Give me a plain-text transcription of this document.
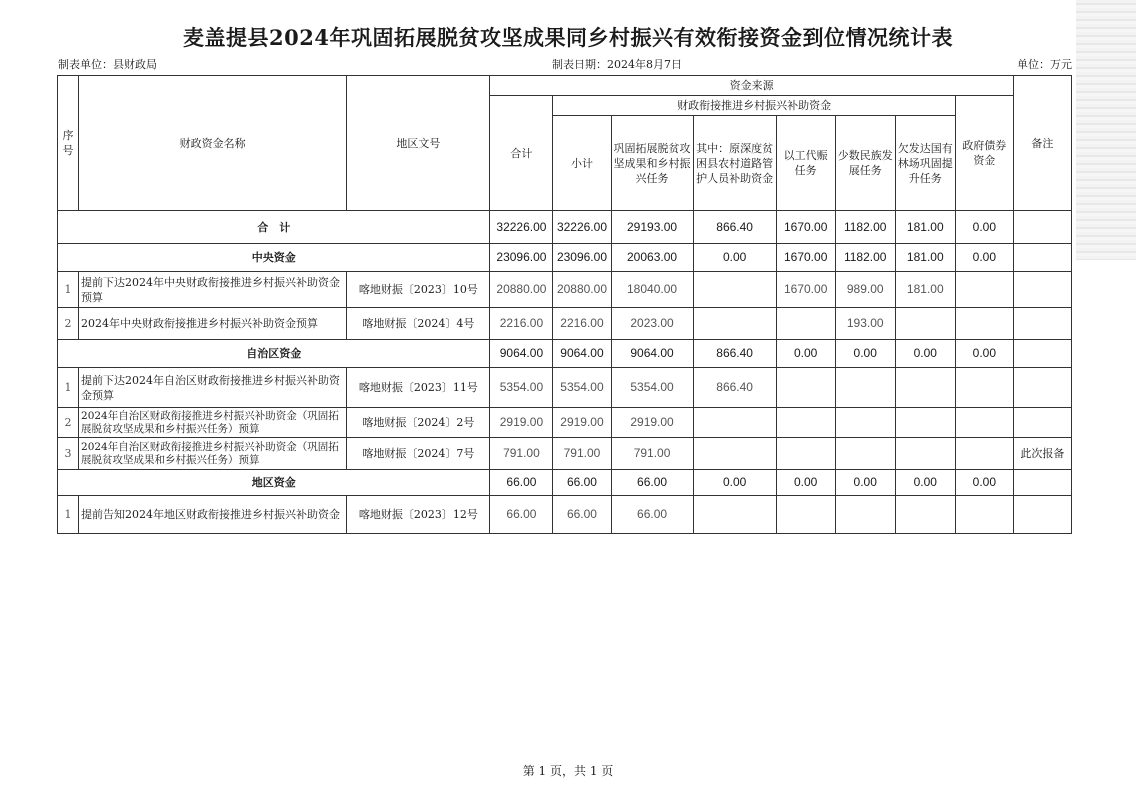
麦盖提县2024年巩固拓展脱贫攻坚成果同乡村振兴有效衔接资金到位情况统计表
制表单位：县财政局	制表日期：2024年8月7日	单位：万元
序号	财政资金名称	地区文号	资金来源								备注
			合计	财政衔接推进乡村振兴补助资金						政府债券资金	
				小计	巩固拓展脱贫攻坚成果和乡村振兴任务	其中：原深度贫困县农村道路管护人员补助资金	以工代赈任务	少数民族发展任务	欠发达国有林场巩固提升任务		

合　计			32226.00	32226.00	29193.00	866.40	1670.00	1182.00	181.00	0.00	
中央资金			23096.00	23096.00	20063.00	0.00	1670.00	1182.00	181.00	0.00	
1	提前下达2024年中央财政衔接推进乡村振兴补助资金预算	喀地财振〔2023〕10号	20880.00	20880.00	18040.00		1670.00	989.00	181.00		
2	2024年中央财政衔接推进乡村振兴补助资金预算	喀地财振〔2024〕4号	2216.00	2216.00	2023.00			193.00			
自治区资金			9064.00	9064.00	9064.00	866.40	0.00	0.00	0.00	0.00	
1	提前下达2024年自治区财政衔接推进乡村振兴补助资金预算	喀地财振〔2023〕11号	5354.00	5354.00	5354.00	866.40					
2	2024年自治区财政衔接推进乡村振兴补助资金（巩固拓展脱贫攻坚成果和乡村振兴任务）预算	喀地财振〔2024〕2号	2919.00	2919.00	2919.00						
3	2024年自治区财政衔接推进乡村振兴补助资金（巩固拓展脱贫攻坚成果和乡村振兴任务）预算	喀地财振〔2024〕7号	791.00	791.00	791.00						此次报备
地区资金			66.00	66.00	66.00	0.00	0.00	0.00	0.00	0.00	
1	提前告知2024年地区财政衔接推进乡村振兴补助资金	喀地财振〔2023〕12号	66.00	66.00	66.00						
第 1 页，共 1 页
